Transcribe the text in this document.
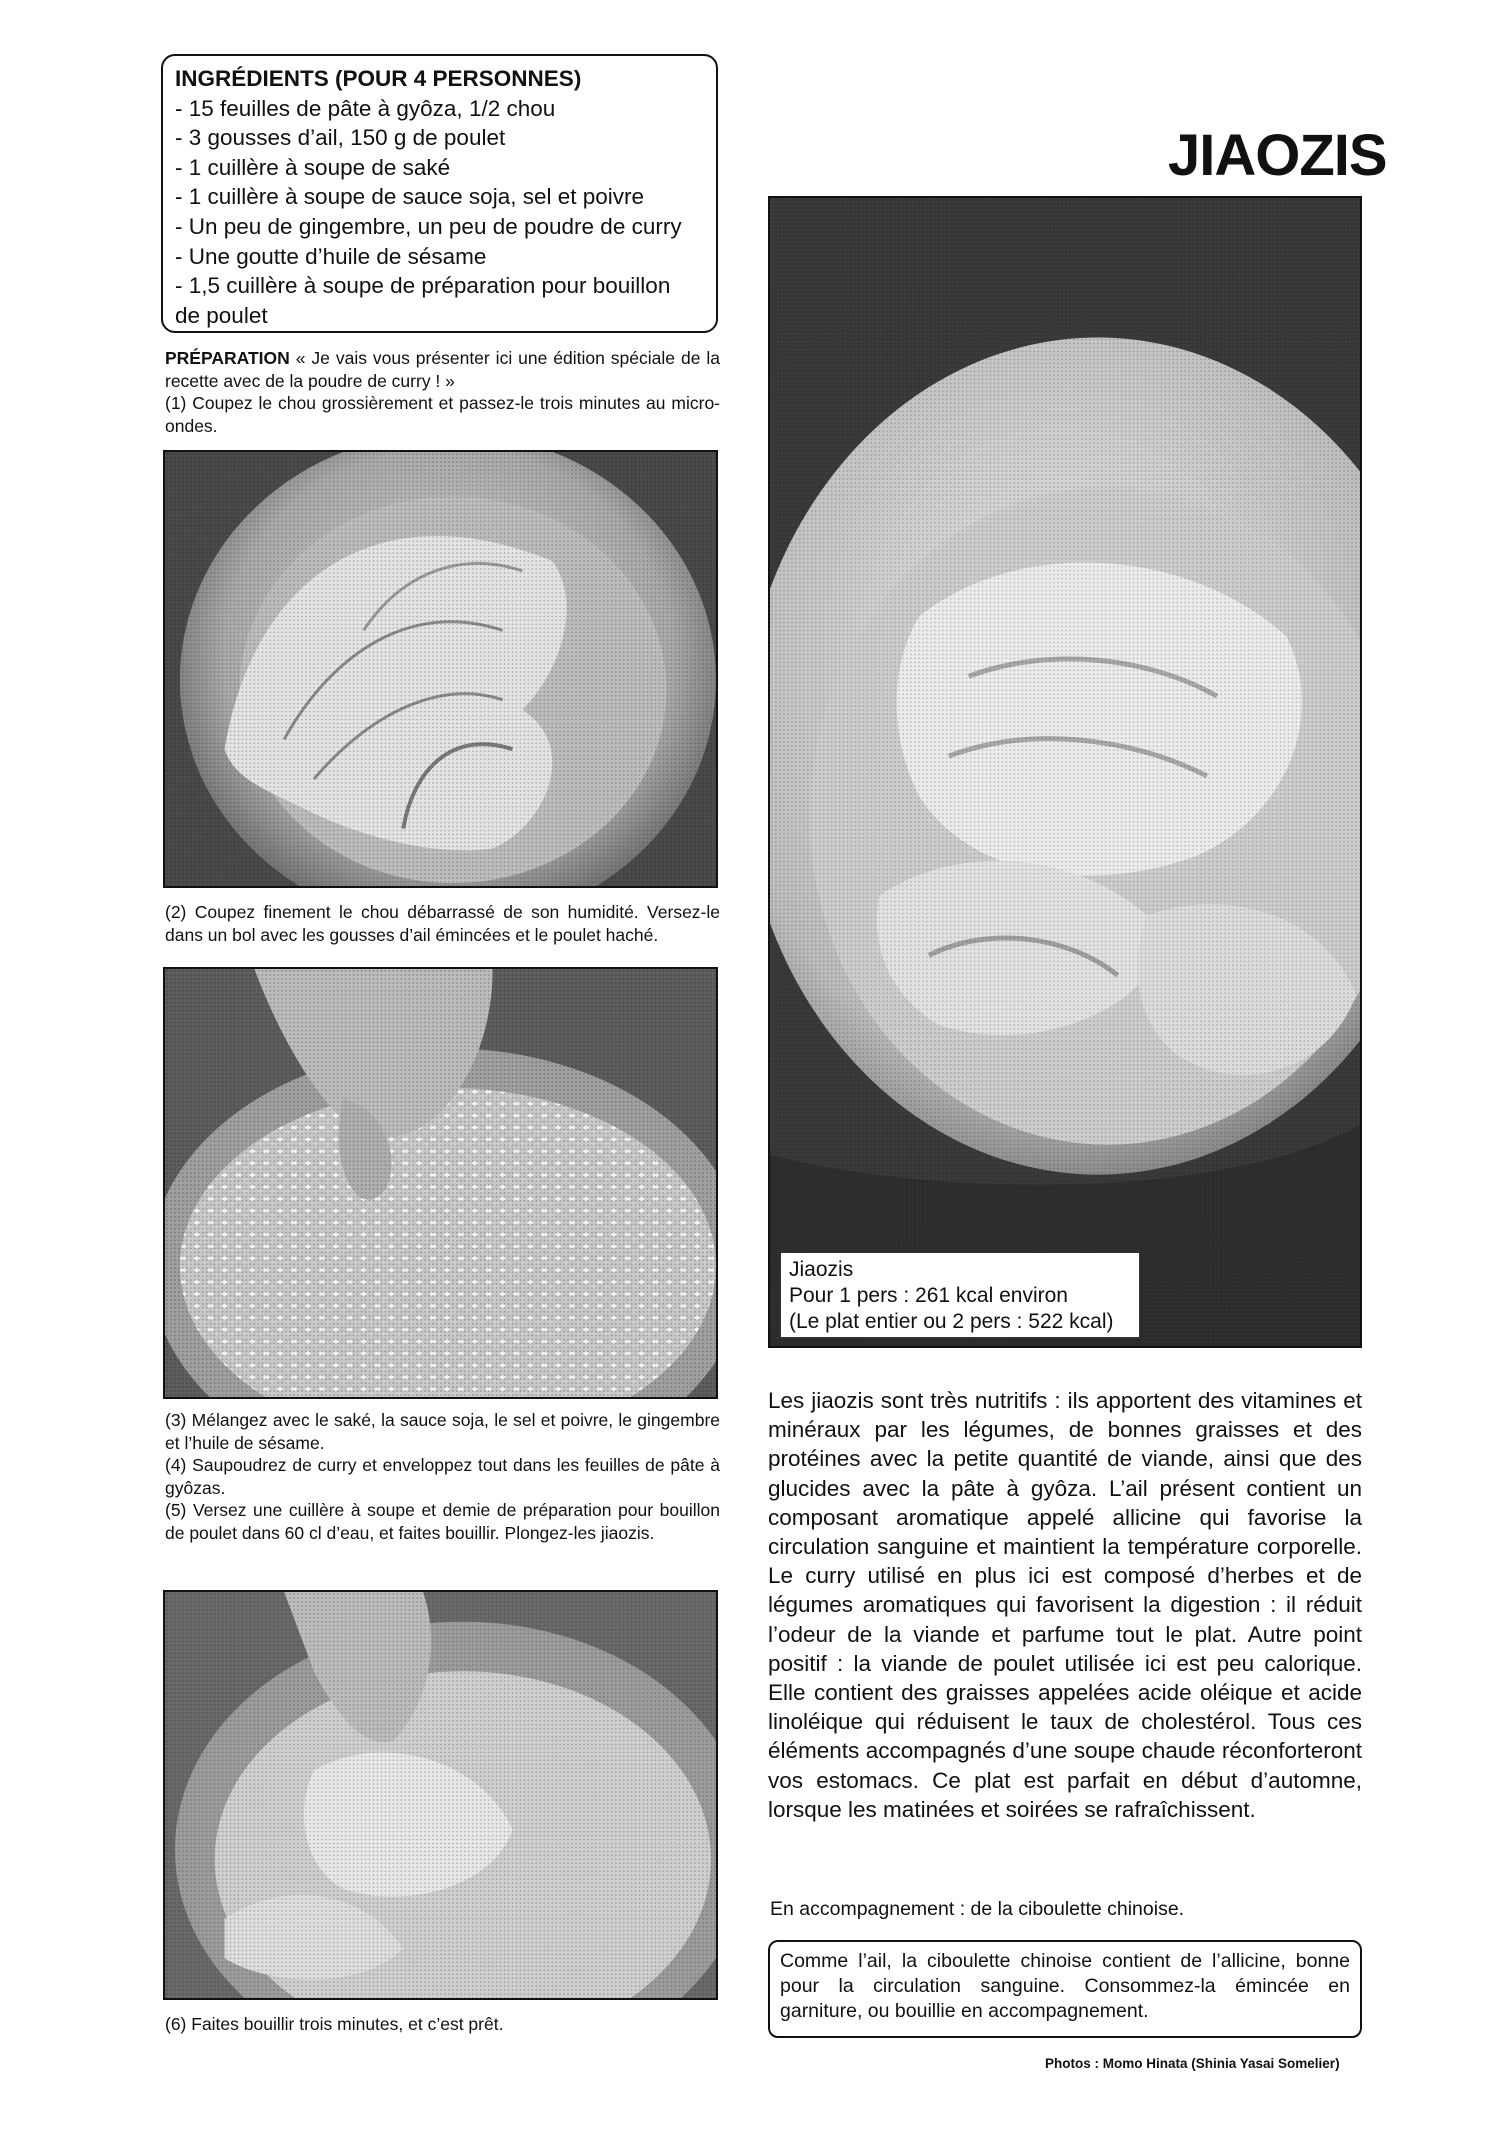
INGRÉDIENTS (POUR 4 PERSONNES)
- 15 feuilles de pâte à gyôza, 1/2 chou
- 3 gousses d’ail, 150 g de poulet
- 1 cuillère à soupe de saké
- 1 cuillère à soupe de sauce soja, sel et poivre
- Un peu de gingembre, un peu de poudre de curry
- Une goutte d’huile de sésame
- 1,5 cuillère à soupe de préparation pour bouillon
de poulet
JIAOZIS

PRÉPARATION « Je vais vous présenter ici une édition spéciale de la recette avec de la poudre de curry ! »

(1) Coupez le chou grossièrement et passez-le trois minutes au micro-ondes.

(2) Coupez finement le chou débarrassé de son humidité. Versez-le dans un bol avec les gousses d’ail émincées et le poulet haché.

(3) Mélangez avec le saké, la sauce soja, le sel et poivre, le gingembre et l’huile de sésame.

(4) Saupoudrez de curry et enveloppez tout dans les feuilles de pâte à gyôzas.

(5) Versez une cuillère à soupe et demie de préparation pour bouillon de poulet dans 60 cl d’eau, et faites bouillir. Plongez-les jiaozis.

(6) Faites bouillir trois minutes, et c’est prêt.
Jiaozis
Pour 1 pers : 261 kcal environ
(Le plat entier ou 2 pers : 522 kcal)
Les jiaozis sont très nutritifs : ils apportent des vitamines et minéraux par les légumes, de bonnes graisses et des protéines avec la petite quantité de viande, ainsi que des glucides avec la pâte à gyôza. L’ail présent contient un composant aromatique appelé allicine qui favorise la circulation sanguine et maintient la température corporelle. Le curry utilisé en plus ici est composé d’herbes et de légumes aromatiques qui favorisent la digestion : il réduit l’odeur de la viande et parfume tout le plat. Autre point positif : la viande de poulet utilisée ici est peu calorique. Elle contient des graisses appelées acide oléique et acide linoléique qui réduisent le taux de cholestérol. Tous ces éléments accompagnés d’une soupe chaude réconforteront vos estomacs. Ce plat est parfait en début d’automne, lorsque les matinées et soirées se rafraîchissent.
En accompagnement : de la ciboulette chinoise.
Comme l’ail, la ciboulette chinoise contient de l’allicine, bonne pour la circulation sanguine. Consommez-la émincée en garniture, ou bouillie en accompagnement.
Photos : Momo Hinata (Shinia Yasai Somelier)
